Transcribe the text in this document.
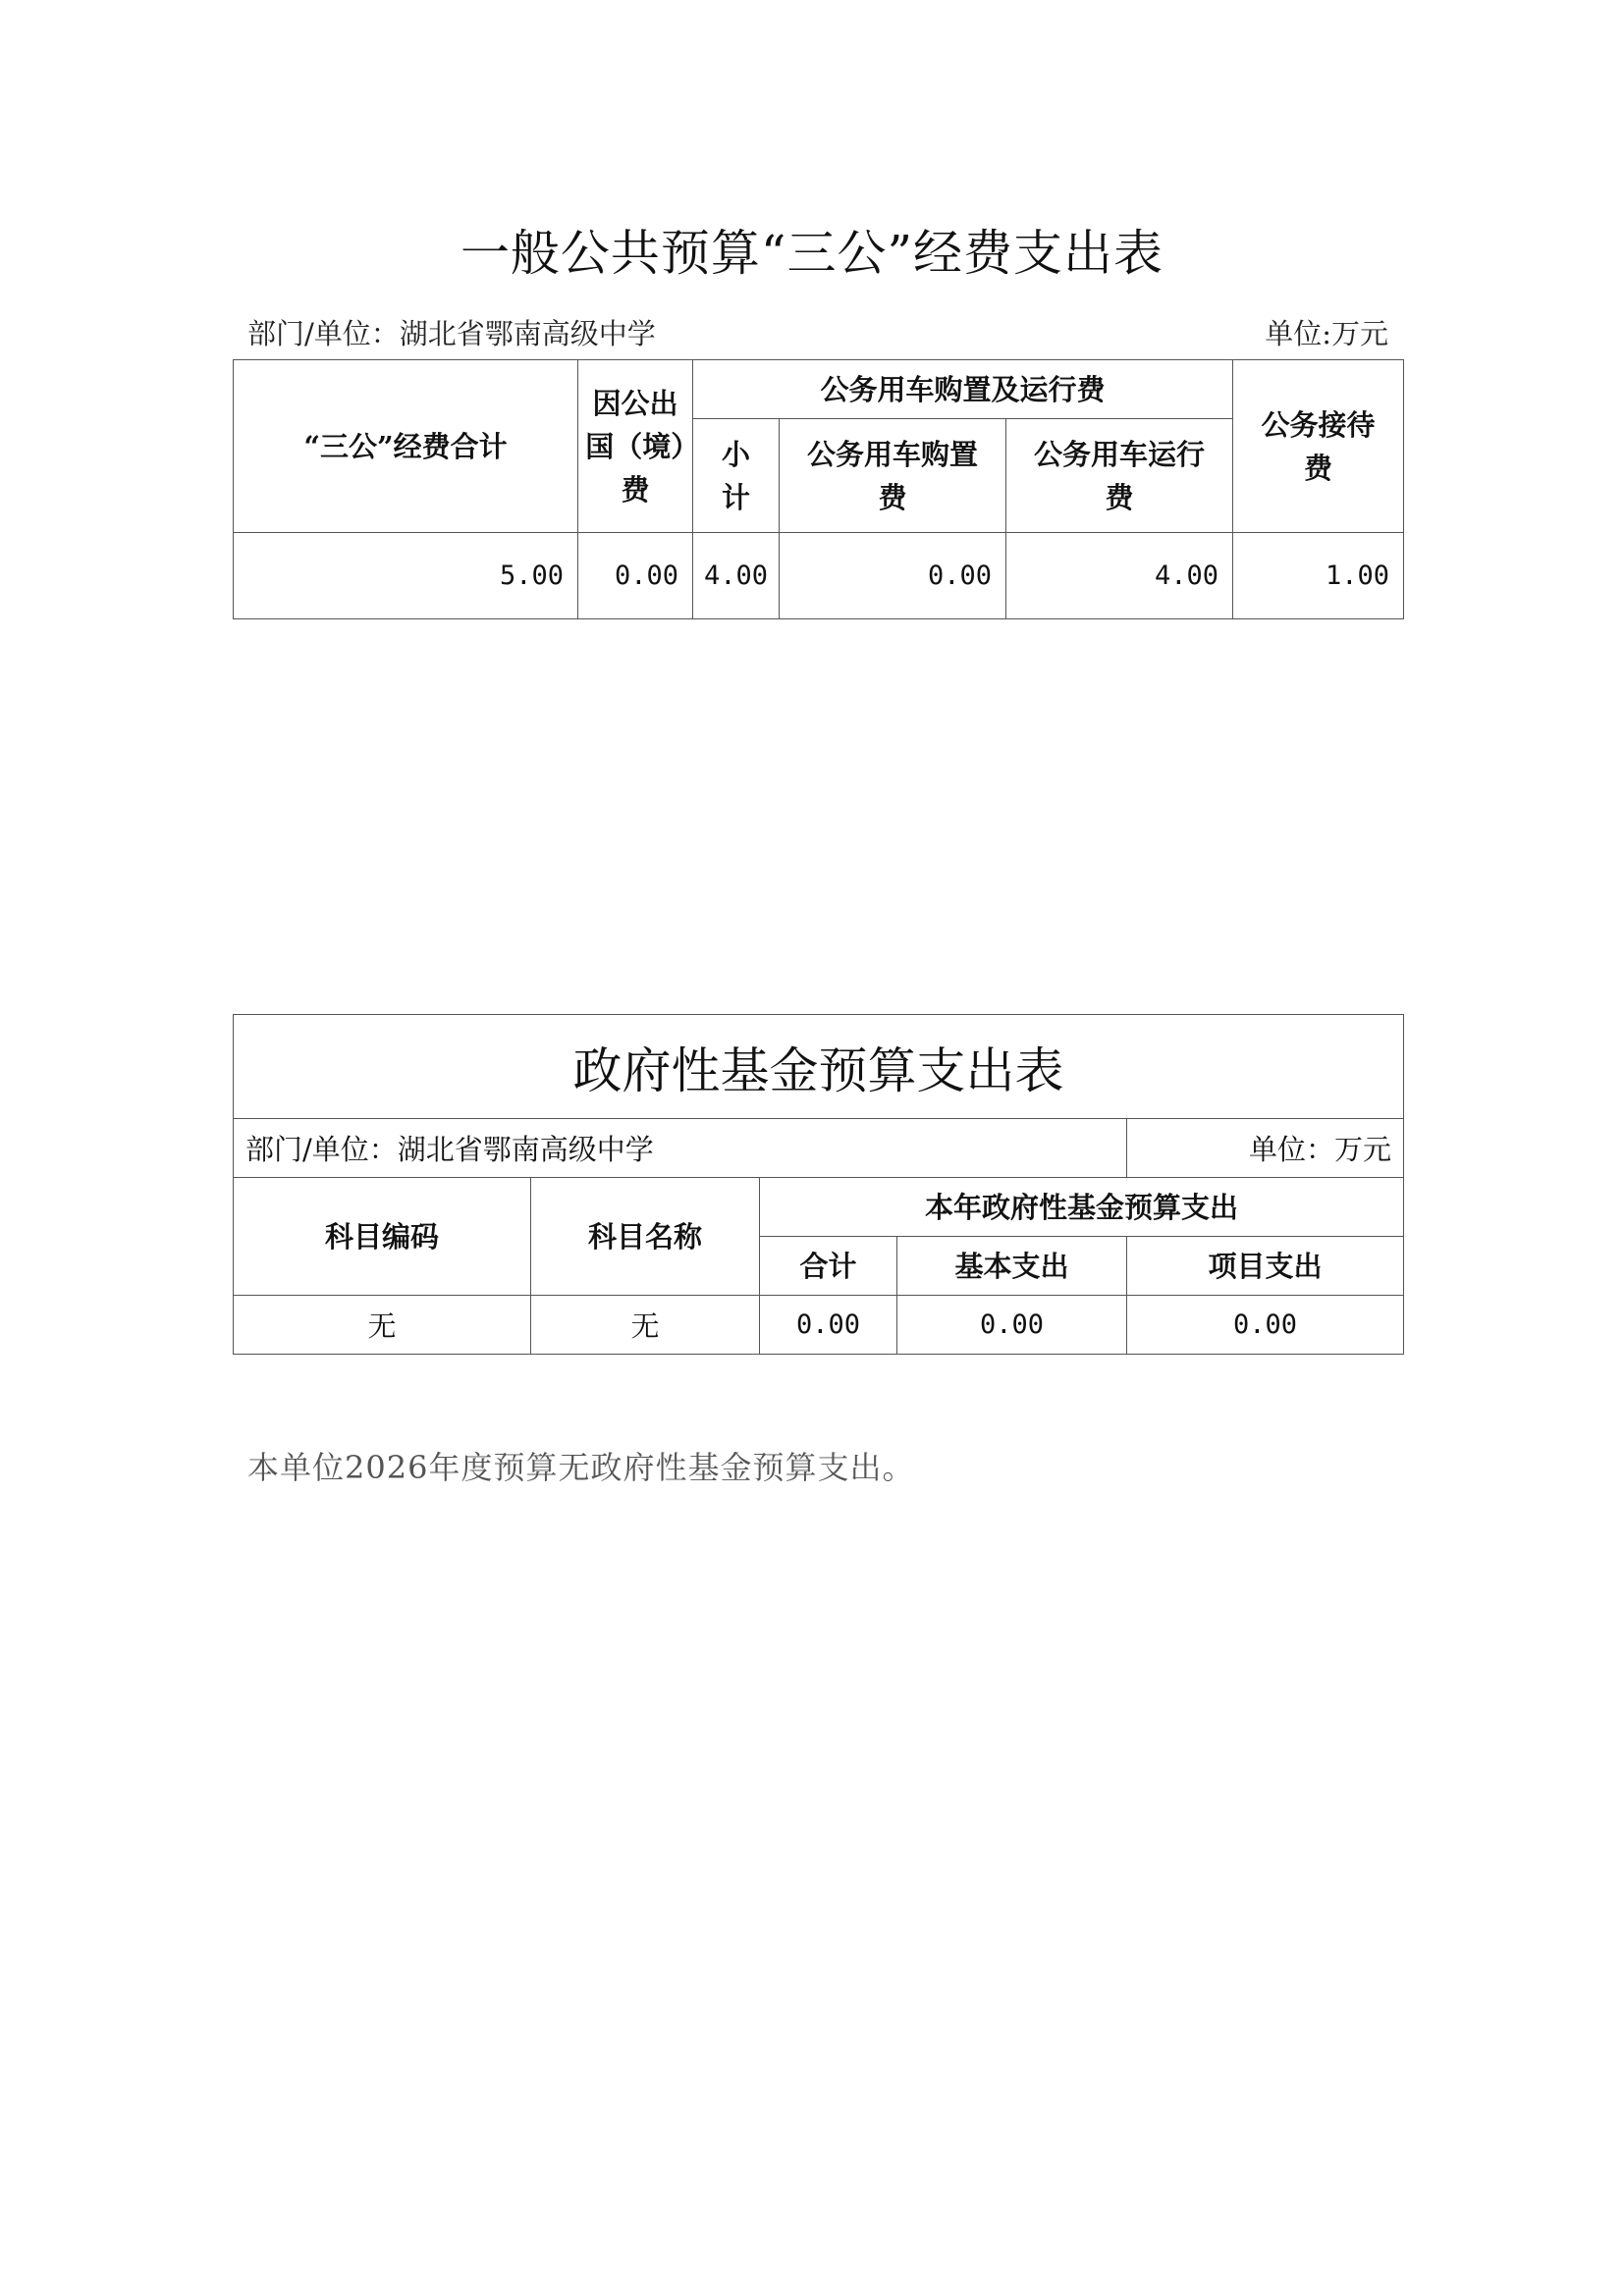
一般公共预算“三公”经费支出表
部门/单位：湖北省鄂南高级中学	单位:万元
“三公”经费合计	因公出国（境）费	公务用车购置及运行费			公务接待费
		小计	公务用车购置费	公务用车运行费	
5.00	0.00	4.00	0.00	4.00	1.00
政府性基金预算支出表				
部门/单位：湖北省鄂南高级中学				单位：万元
科目编码	科目名称	本年政府性基金预算支出		
		合计	基本支出	项目支出
无	无	0.00	0.00	0.00
本单位2026年度预算无政府性基金预算支出。
